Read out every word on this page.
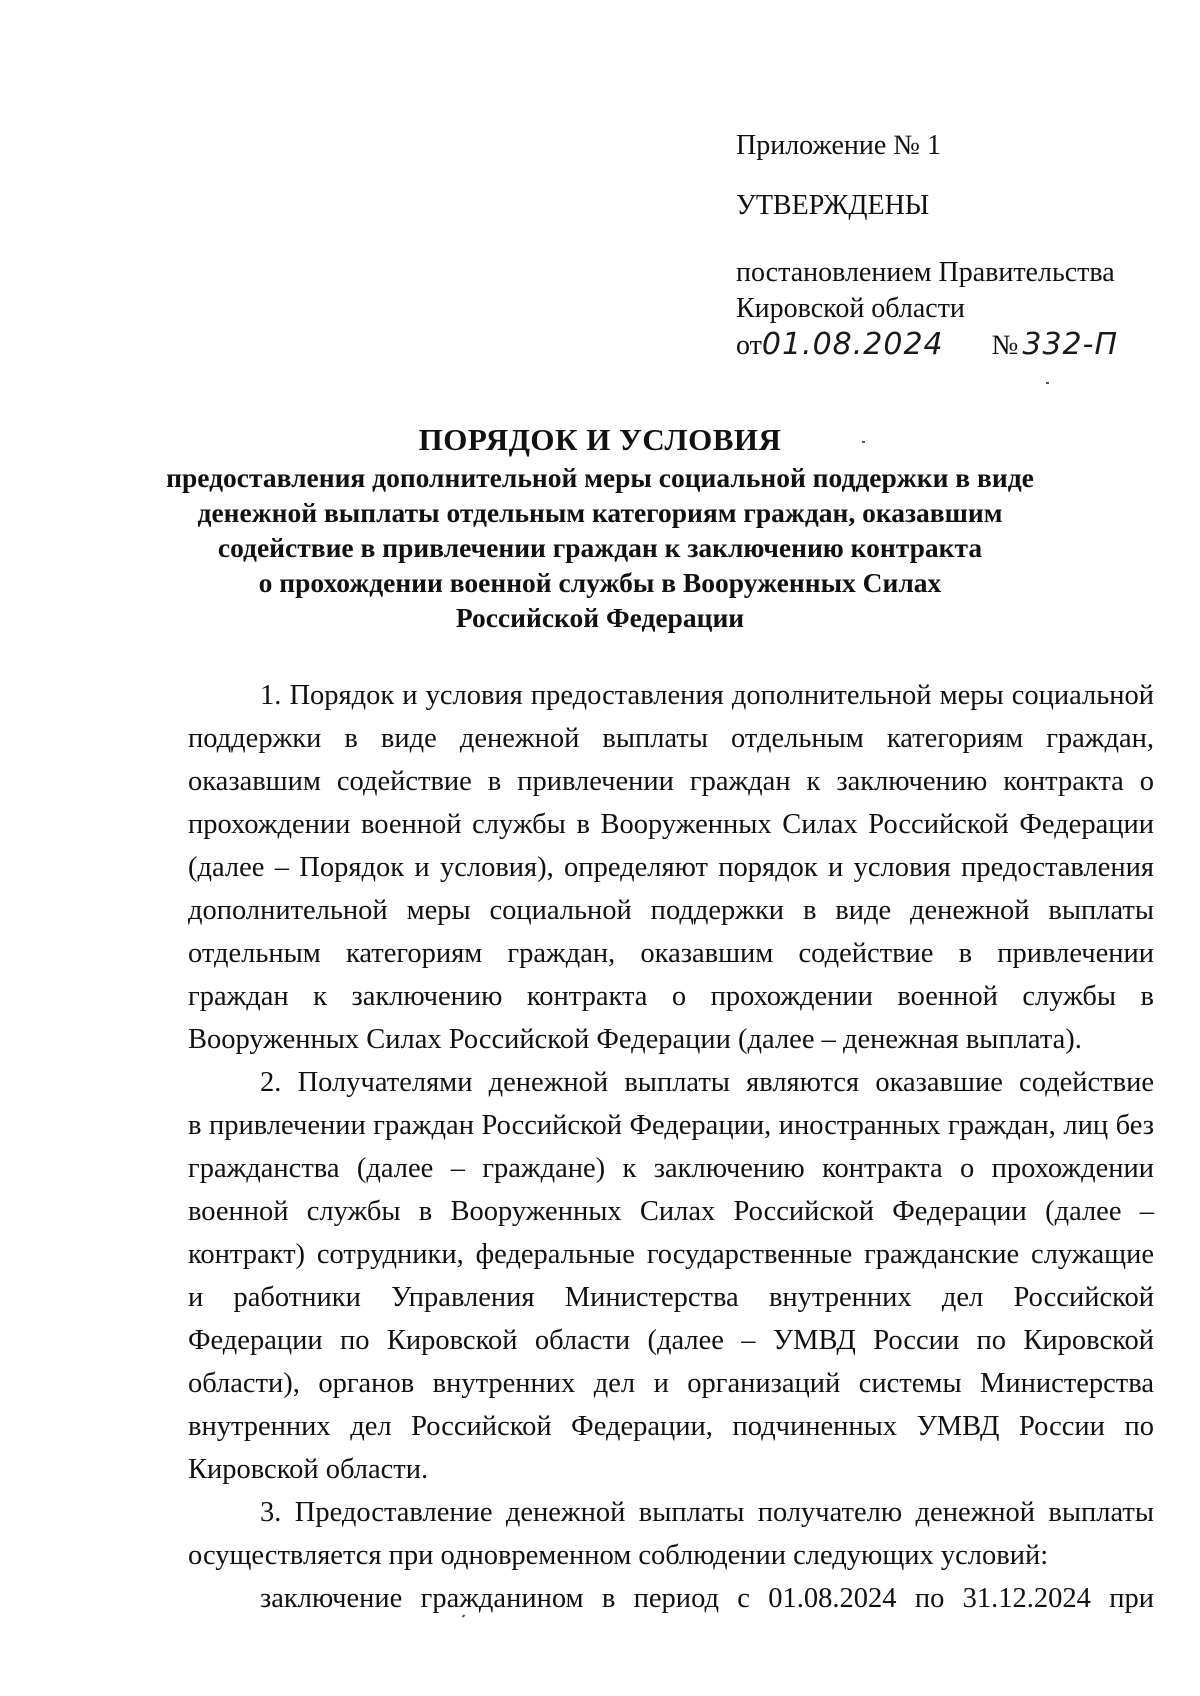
Приложение № 1
УТВЕРЖДЕНЫ
постановлением Правительства
Кировской области
от01.08.2024 № 332-П
ПОРЯДОК И УСЛОВИЯ
предоставления дополнительной меры социальной поддержки в виде
денежной выплаты отдельным категориям граждан, оказавшим
содействие в привлечении граждан к заключению контракта
о прохождении военной службы в Вооруженных Силах
Российской Федерации
1. Порядок и условия предоставления дополнительной меры социальной
поддержки в виде денежной выплаты отдельным категориям граждан,
оказавшим содействие в привлечении граждан к заключению контракта о
прохождении военной службы в Вооруженных Силах Российской Федерации
(далее – Порядок и условия), определяют порядок и условия предоставления
дополнительной меры социальной поддержки в виде денежной выплаты
отдельным категориям граждан, оказавшим содействие в привлечении
граждан к заключению контракта о прохождении военной службы в
Вооруженных Силах Российской Федерации (далее – денежная выплата).
2. Получателями денежной выплаты являются оказавшие содействие
в привлечении граждан Российской Федерации, иностранных граждан, лиц без
гражданства (далее – граждане) к заключению контракта о прохождении
военной службы в Вооруженных Силах Российской Федерации (далее –
контракт) сотрудники, федеральные государственные гражданские служащие
и работники Управления Министерства внутренних дел Российской
Федерации по Кировской области (далее – УМВД России по Кировской
области), органов внутренних дел и организаций системы Министерства
внутренних дел Российской Федерации, подчиненных УМВД России по
Кировской области.
3. Предоставление денежной выплаты получателю денежной выплаты
осуществляется при одновременном соблюдении следующих условий:
заключение гражданином в период с 01.08.2024 по 31.12.2024 при
